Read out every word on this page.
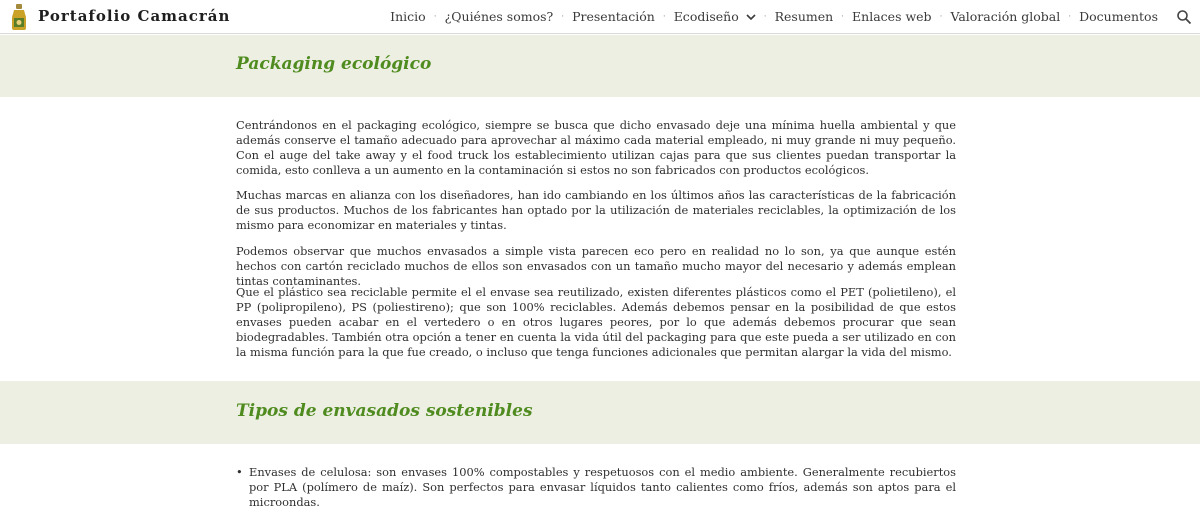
Portafolio Camacrán	Inicio · ¿Quiénes somos? · Presentación · Ecodiseño	· Resumen · Enlaces web · Valoración global · Documentos
Packaging ecológico

Centrándonos en el packaging ecológico, siempre se busca que dicho envasado deje una mínima huella ambiental y que además conserve el tamaño adecuado para aprovechar al máximo cada material empleado, ni muy grande ni muy pequeño. Con el auge del take away y el food truck los establecimiento utilizan cajas para que sus clientes puedan transportar la comida, esto conlleva a un aumento en la contaminación si estos no son fabricados con productos ecológicos.

Muchas marcas en alianza con los diseñadores, han ido cambiando en los últimos años las características de la fabricación de sus productos. Muchos de los fabricantes han optado por la utilización de materiales reciclables, la optimización de los mismo para economizar en materiales y tintas.

Podemos observar que muchos envasados a simple vista parecen eco pero en realidad no lo son, ya que aunque estén hechos con cartón reciclado muchos de ellos son envasados con un tamaño mucho mayor del necesario y además emplean tintas contaminantes.

Que el plástico sea reciclable permite el el envase sea reutilizado, existen diferentes plásticos como el PET (polietileno), el PP (polipropileno), PS (poliestireno); que son 100% reciclables. Además debemos pensar en la posibilidad de que estos envases pueden acabar en el vertedero o en otros lugares peores, por lo que además debemos procurar que sean biodegradables. También otra opción a tener en cuenta la vida útil del packaging para que este pueda a ser utilizado en con la misma función para la que fue creado, o incluso que tenga funciones adicionales que permitan alargar la vida del mismo.

Tipos de envasados sostenibles
• Envases de celulosa: son envases 100% compostables y respetuosos con el medio ambiente. Generalmente recubiertos por PLA (polímero de maíz). Son perfectos para envasar líquidos tanto calientes como fríos, además son aptos para el microondas.
